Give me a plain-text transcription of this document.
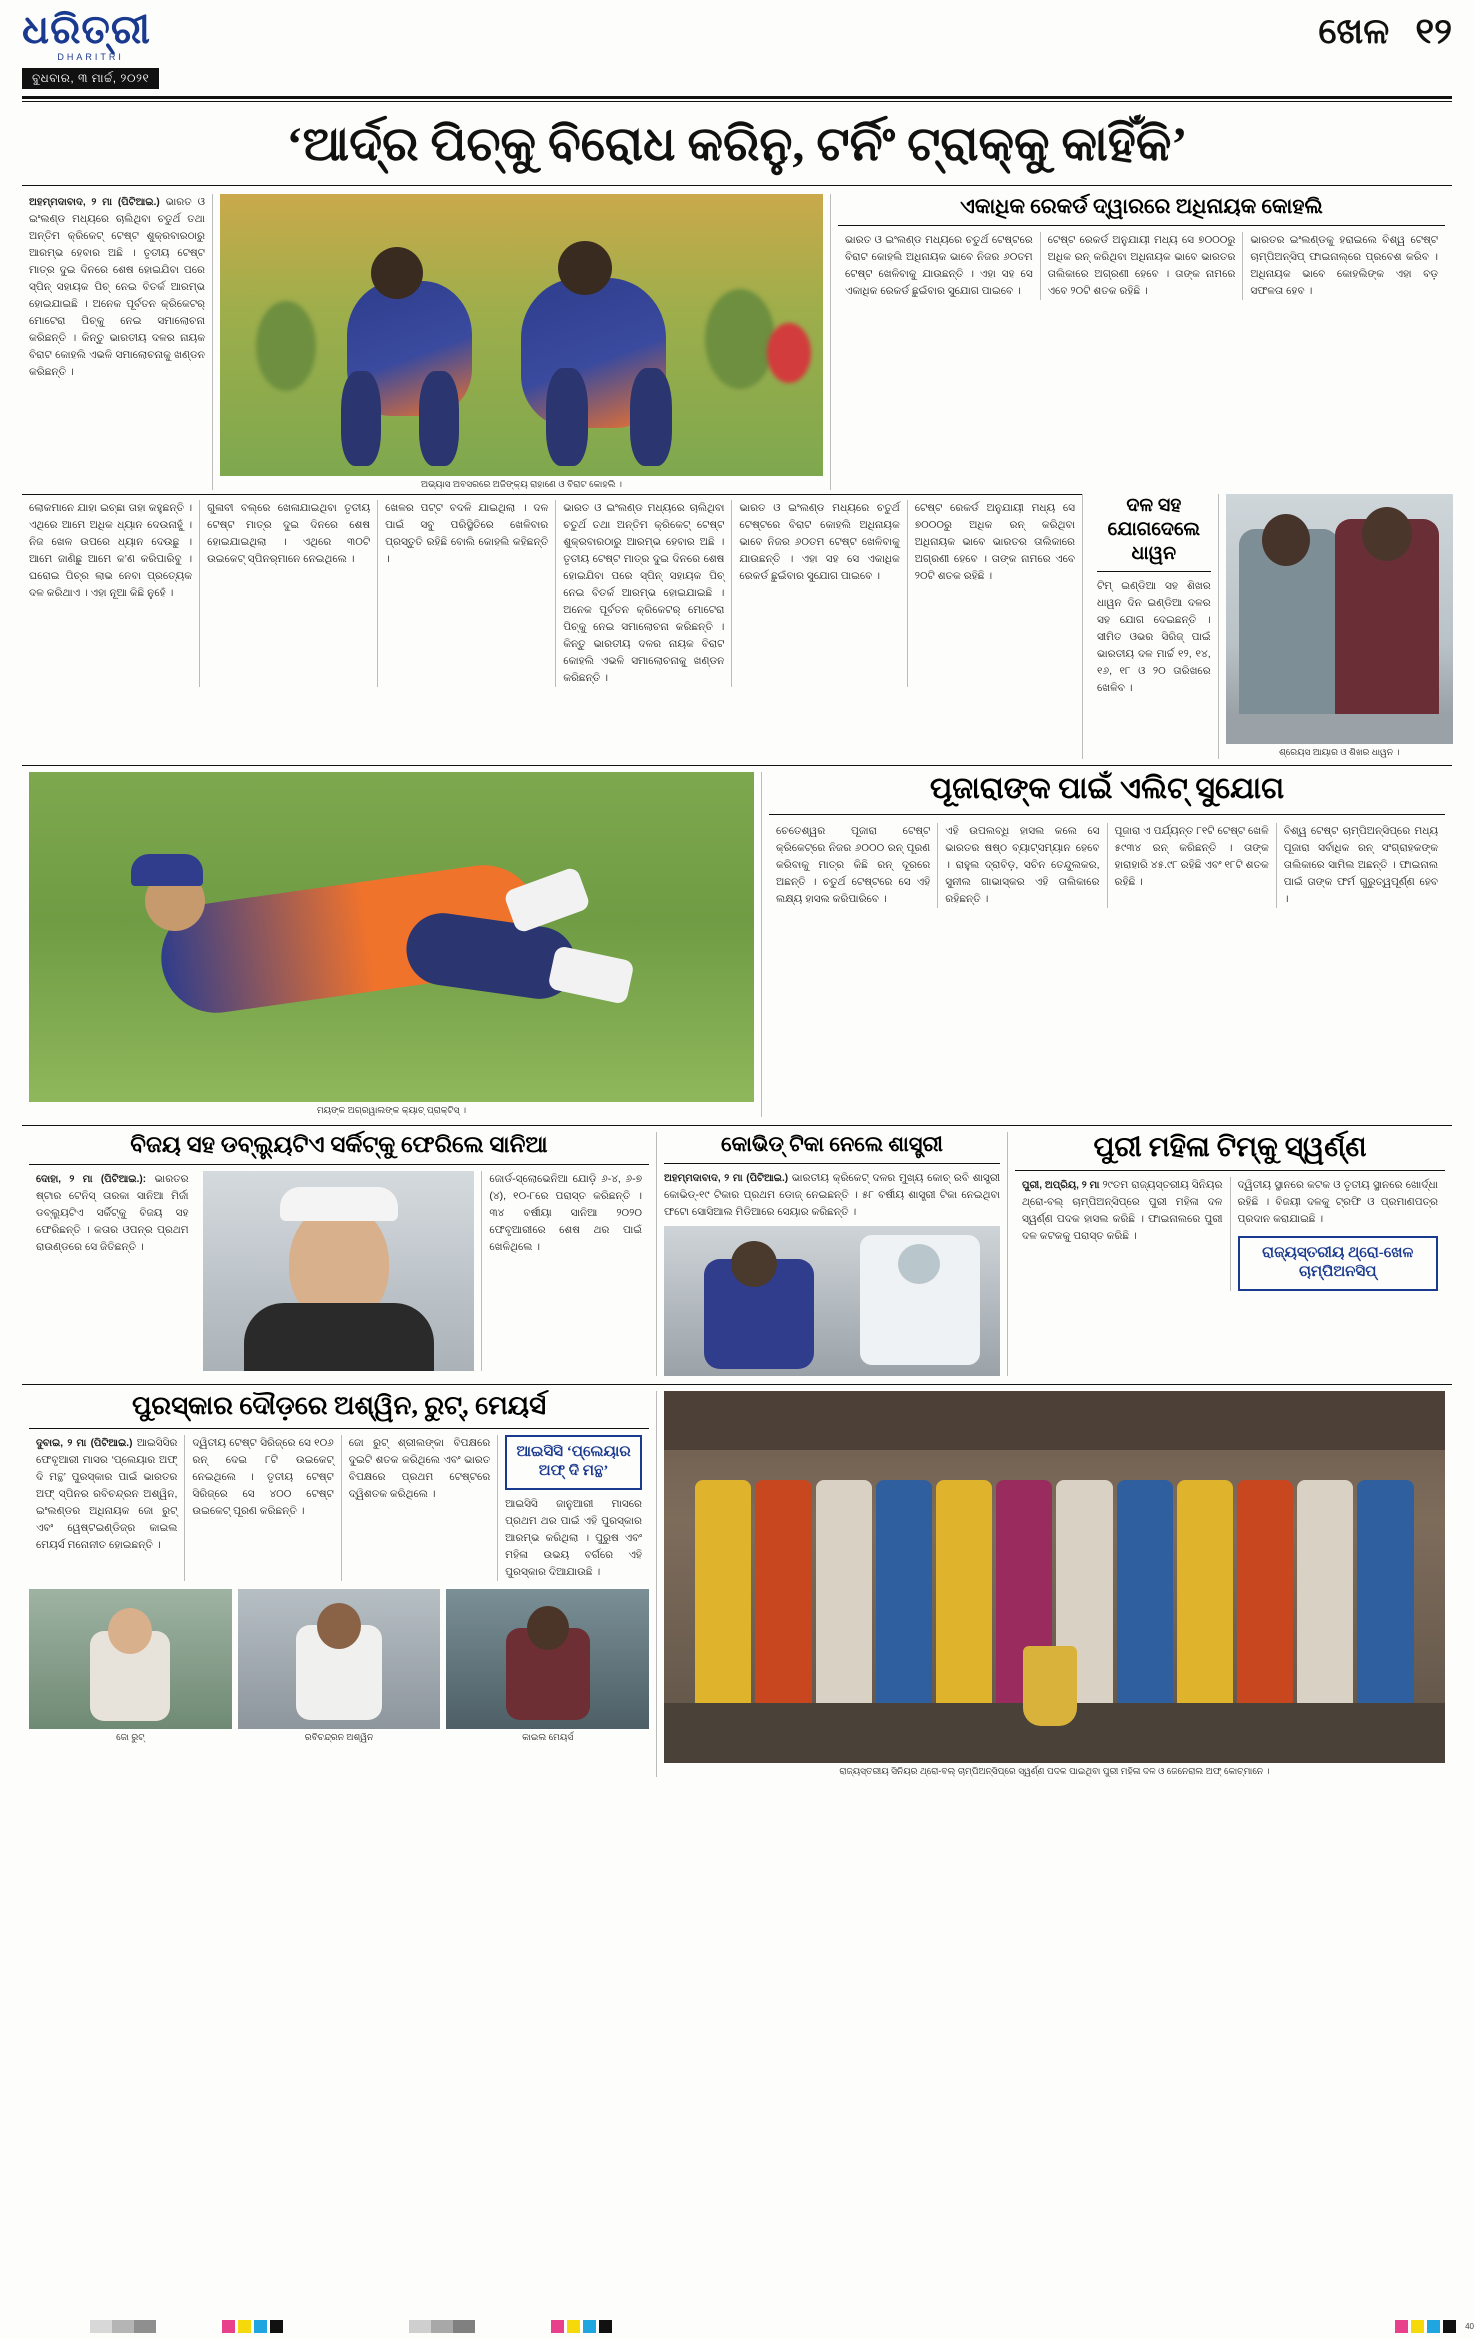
ଧରିତ୍ରୀ
DHARITRI
ବୁଧବାର, ୩ ମାର୍ଚ୍ଚ, ୨୦୨୧
ଖେଳ ୧୨
‘ଆର୍ଦ୍ର ପିଚ୍‌କୁ ବିରୋଧ କରିନୁ, ଟର୍ନିଂ ଟ୍ରାକ୍‌କୁ କାହିଁକି’
ଅହମ୍ମଦାବାଦ, ୨ ମା (ପିଟିଆଇ.) ଭାରତ ଓ ଇଂଲଣ୍ଡ ମଧ୍ୟରେ ଚାଲିଥିବା ଚତୁର୍ଥ ତଥା ଅନ୍ତିମ କ୍ରିକେଟ୍ ଟେଷ୍ଟ ଶୁକ୍ରବାରଠାରୁ ଆରମ୍ଭ ହେବାର ଅଛି । ତୃତୀୟ ଟେଷ୍ଟ ମାତ୍ର ଦୁଇ ଦିନରେ ଶେଷ ହୋଇଯିବା ପରେ ସ୍ପିନ୍ ସହାୟକ ପିଚ୍ ନେଇ ବିତର୍କ ଆରମ୍ଭ ହୋଇଯାଇଛି । ଅନେକ ପୂର୍ବତନ କ୍ରିକେଟର୍ ମୋଟେରା ପିଚ୍‌କୁ ନେଇ ସମାଲୋଚନା କରିଛନ୍ତି । କିନ୍ତୁ ଭାରତୀୟ ଦଳର ନାୟକ ବିରାଟ କୋହଲି ଏଭଳି ସମାଲୋଚନାକୁ ଖଣ୍ଡନ କରିଛନ୍ତି ।
ଅଭ୍ୟାସ ଅବସରରେ ଅଜିଙ୍କ୍ୟ ରାହାଣେ ଓ ବିରାଟ କୋହଲି ।
ଏକାଧିକ ରେକର୍ଡ ଦ୍ୱାରରେ ଅଧିନାୟକ କୋହଲି
ଭାରତ ଓ ଇଂଲଣ୍ଡ ମଧ୍ୟରେ ଚତୁର୍ଥ ଟେଷ୍ଟରେ ବିରାଟ କୋହଲି ଅଧିନାୟକ ଭାବେ ନିଜର ୬୦ତମ ଟେଷ୍ଟ ଖେଳିବାକୁ ଯାଉଛନ୍ତି । ଏହା ସହ ସେ ଏକାଧିକ ରେକର୍ଡ ଛୁଇଁବାର ସୁଯୋଗ ପାଇବେ ।
ଟେଷ୍ଟ ରେକର୍ଡ ଅନୁଯାୟୀ ମଧ୍ୟ ସେ ୭୦୦୦ରୁ ଅଧିକ ରନ୍ କରିଥିବା ଅଧିନାୟକ ଭାବେ ଭାରତର ତାଲିକାରେ ଅଗ୍ରଣୀ ହେବେ । ତାଙ୍କ ନାମରେ ଏବେ ୨୦ଟି ଶତକ ରହିଛି ।
ଭାରତର ଇଂଲଣ୍ଡକୁ ହରାଇଲେ ବିଶ୍ୱ ଟେଷ୍ଟ ଚାମ୍ପିଅନ୍‌ସିପ୍ ଫାଇନାଲ୍‌ରେ ପ୍ରବେଶ କରିବ । ଅଧିନାୟକ ଭାବେ କୋହଲିଙ୍କ ଏହା ବଡ଼ ସଫଳତା ହେବ ।
ଲୋକମାନେ ଯାହା ଇଚ୍ଛା ତାହା କହୁଛନ୍ତି । ଏଥିରେ ଆମେ ଅଧିକ ଧ୍ୟାନ ଦେଉନାହୁଁ । ନିଜ ଖେଳ ଉପରେ ଧ୍ୟାନ ଦେଉଛୁ । ଆମେ ଜାଣିଛୁ ଆମେ କ’ଣ କରିପାରିବୁ । ଘରୋଇ ପିଚ୍‌ର ଲାଭ ନେବା ପ୍ରତ୍ୟେକ ଦଳ କରିଥାଏ । ଏହା ନୂଆ କିଛି ନୁହେଁ ।
ଗୁଳାବୀ ବଲ୍‌ରେ ଖେଳାଯାଇଥିବା ତୃତୀୟ ଟେଷ୍ଟ ମାତ୍ର ଦୁଇ ଦିନରେ ଶେଷ ହୋଇଯାଇଥିଲା । ଏଥିରେ ୩୦ଟି ଉଇକେଟ୍ ସ୍ପିନର୍‌ମାନେ ନେଇଥିଲେ ।
ଖେଳର ପଟ୍ଟ ବଦଳି ଯାଇଥିଲା । ଦଳ ପାଇଁ ସବୁ ପରିସ୍ଥିତିରେ ଖେଳିବାର ପ୍ରସ୍ତୁତି ରହିଛି ବୋଲି କୋହଲି କହିଛନ୍ତି ।
ଭାରତ ଓ ଇଂଲଣ୍ଡ ମଧ୍ୟରେ ଚାଲିଥିବା ଚତୁର୍ଥ ତଥା ଅନ୍ତିମ କ୍ରିକେଟ୍ ଟେଷ୍ଟ ଶୁକ୍ରବାରଠାରୁ ଆରମ୍ଭ ହେବାର ଅଛି । ତୃତୀୟ ଟେଷ୍ଟ ମାତ୍ର ଦୁଇ ଦିନରେ ଶେଷ ହୋଇଯିବା ପରେ ସ୍ପିନ୍ ସହାୟକ ପିଚ୍ ନେଇ ବିତର୍କ ଆରମ୍ଭ ହୋଇଯାଇଛି । ଅନେକ ପୂର୍ବତନ କ୍ରିକେଟର୍ ମୋଟେରା ପିଚ୍‌କୁ ନେଇ ସମାଲୋଚନା କରିଛନ୍ତି । କିନ୍ତୁ ଭାରତୀୟ ଦଳର ନାୟକ ବିରାଟ କୋହଲି ଏଭଳି ସମାଲୋଚନାକୁ ଖଣ୍ଡନ କରିଛନ୍ତି ।
ଭାରତ ଓ ଇଂଲଣ୍ଡ ମଧ୍ୟରେ ଚତୁର୍ଥ ଟେଷ୍ଟରେ ବିରାଟ କୋହଲି ଅଧିନାୟକ ଭାବେ ନିଜର ୬୦ତମ ଟେଷ୍ଟ ଖେଳିବାକୁ ଯାଉଛନ୍ତି । ଏହା ସହ ସେ ଏକାଧିକ ରେକର୍ଡ ଛୁଇଁବାର ସୁଯୋଗ ପାଇବେ ।
ଟେଷ୍ଟ ରେକର୍ଡ ଅନୁଯାୟୀ ମଧ୍ୟ ସେ ୭୦୦୦ରୁ ଅଧିକ ରନ୍ କରିଥିବା ଅଧିନାୟକ ଭାବେ ଭାରତର ତାଲିକାରେ ଅଗ୍ରଣୀ ହେବେ । ତାଙ୍କ ନାମରେ ଏବେ ୨୦ଟି ଶତକ ରହିଛି ।
ଦଳ ସହ ଯୋଗଦେଲେ ଧାୱନ
ଟିମ୍ ଇଣ୍ଡିଆ ସହ ଶିଖର ଧାୱନ ଦିନ ଇଣ୍ଡିଆ ଦଳର ସହ ଯୋଗ ଦେଇଛନ୍ତି । ସୀମିତ ଓଭର ସିରିଜ୍ ପାଇଁ ଭାରତୀୟ ଦଳ ମାର୍ଚ୍ଚ ୧୨, ୧୪, ୧୬, ୧୮ ଓ ୨୦ ତାରିଖରେ ଖେଳିବ ।
ଶ୍ରେୟସ ଆୟାର ଓ ଶିଖର ଧାୱନ ।
ମୟଙ୍କ ଅଗ୍ରୱାଲଙ୍କ କ୍ୟାଚ୍ ପ୍ରାକ୍ଟିସ୍ ।
ପୂଜାରାଙ୍କ ପାଇଁ ଏଲିଟ୍ ସୁଯୋଗ
ଚେତେଶ୍ୱର ପୂଜାରା ଟେଷ୍ଟ କ୍ରିକେଟ୍‌ରେ ନିଜର ୬୦୦୦ ରନ୍ ପୂରଣ କରିବାକୁ ମାତ୍ର କିଛି ରନ୍ ଦୂରରେ ଅଛନ୍ତି । ଚତୁର୍ଥ ଟେଷ୍ଟରେ ସେ ଏହି ଲକ୍ଷ୍ୟ ହାସଲ କରିପାରିବେ ।
ଏହି ଉପଲବ୍ଧି ହାସଲ କଲେ ସେ ଭାରତର ଷଷ୍ଠ ବ୍ୟାଟ୍‌ସମ୍ୟାନ ହେବେ । ରାହୁଲ ଦ୍ରାବିଡ଼, ସଚିନ ତେନ୍ଦୁଲକର, ସୁନୀଲ ଗାଭାସ୍କର ଏହି ତାଲିକାରେ ରହିଛନ୍ତି ।
ପୂଜାରା ଏ ପର୍ଯ୍ୟନ୍ତ ୮୧ଟି ଟେଷ୍ଟ ଖେଳି ୫୯୩୪ ରନ୍ କରିଛନ୍ତି । ତାଙ୍କ ହାରାହାରି ୪୫.୯୮ ରହିଛି ଏବଂ ୧୮ଟି ଶତକ ରହିଛି ।
ବିଶ୍ୱ ଟେଷ୍ଟ ଚାମ୍ପିଅନ୍‌ସିପ୍‌ରେ ମଧ୍ୟ ପୂଜାରା ସର୍ବାଧିକ ରନ୍ ସଂଗ୍ରାହକଙ୍କ ତାଲିକାରେ ସାମିଲ ଅଛନ୍ତି । ଫାଇନାଲ ପାଇଁ ତାଙ୍କ ଫର୍ମ ଗୁରୁତ୍ୱପୂର୍ଣ୍ଣ ହେବ ।
ବିଜୟ ସହ ଡବ୍ଲ୍ୟୁଟିଏ ସର୍କିଟ୍‌କୁ ଫେରିଲେ ସାନିଆ
ଦୋହା, ୨ ମା (ପିଟିଆଇ.): ଭାରତର ଷ୍ଟାର ଟେନିସ୍ ତାରକା ସାନିଆ ମିର୍ଜା ଡବ୍ଲ୍ୟୁଟିଏ ସର୍କିଟ୍‌କୁ ବିଜୟ ସହ ଫେରିଛନ୍ତି । କତାର ଓପନ୍‌ର ପ୍ରଥମ ରାଉଣ୍ଡରେ ସେ ଜିତିଛନ୍ତି ।
ଜୋର୍ଡ-ସ୍ଲୋଭେନିଆ ଯୋଡ଼ି ୬-୪, ୬-୭ (୪), ୧୦-୮ରେ ପରାସ୍ତ କରିଛନ୍ତି । ୩୪ ବର୍ଷୀୟା ସାନିଆ ୨୦୨୦ ଫେବୃଆରୀରେ ଶେଷ ଥର ପାଇଁ ଖେଳିଥିଲେ ।
କୋଭିଡ୍ ଟିକା ନେଲେ ଶାସ୍ତ୍ରୀ
ଅହମ୍ମଦାବାଦ, ୨ ମା (ପିଟିଆଇ.) ଭାରତୀୟ କ୍ରିକେଟ୍ ଦଳର ମୁଖ୍ୟ କୋଚ୍ ରବି ଶାସ୍ତ୍ରୀ କୋଭିଡ୍-୧୯ ଟିକାର ପ୍ରଥମ ଡୋଜ୍ ନେଇଛନ୍ତି । ୫୮ ବର୍ଷୀୟ ଶାସ୍ତ୍ରୀ ଟିକା ନେଇଥିବା ଫଟୋ ସୋସିଆଲ ମିଡିଆରେ ସେୟାର କରିଛନ୍ତି ।
ପୁରୀ ମହିଳା ଟିମ୍‌କୁ ସ୍ୱର୍ଣ୍ଣ
ପୁରୀ, ଅପ୍ରିୟ, ୨ ମା ୨୯ତମ ରାଜ୍ୟସ୍ତରୀୟ ସିନିୟର ଥ୍ରୋ-ବଲ୍ ଚାମ୍ପିଅନ୍‌ସିପ୍‌ରେ ପୁରୀ ମହିଳା ଦଳ ସ୍ୱର୍ଣ୍ଣ ପଦକ ହାସଲ କରିଛି । ଫାଇନାଲରେ ପୁରୀ ଦଳ କଟକକୁ ପରାସ୍ତ କରିଛି ।
ଦ୍ୱିତୀୟ ସ୍ଥାନରେ କଟକ ଓ ତୃତୀୟ ସ୍ଥାନରେ ଖୋର୍ଦ୍ଧା ରହିଛି । ବିଜୟୀ ଦଳକୁ ଟ୍ରଫି ଓ ପ୍ରମାଣପତ୍ର ପ୍ରଦାନ କରାଯାଇଛି ।
ରାଜ୍ୟସ୍ତରୀୟ ଥ୍ରୋ-ଖେଳ ଚାମ୍ପିଅନସିପ୍
ପୁରସ୍କାର ଦୌଡ଼ରେ ଅଶ୍ୱିନ, ରୁଟ୍, ମେୟର୍ସ
ଦୁବାଇ, ୨ ମା (ପିଟିଆଇ.) ଆଇସିସିର ଫେବୃଆରୀ ମାସର ‘ପ୍ଲେୟାର ଅଫ୍ ଦି ମନ୍ଥ’ ପୁରସ୍କାର ପାଇଁ ଭାରତର ଅଫ୍ ସ୍ପିନର ରବିଚନ୍ଦ୍ରନ ଅଶ୍ୱିନ, ଇଂଲଣ୍ଡର ଅଧିନାୟକ ଜୋ ରୁଟ୍ ଏବଂ ୱେଷ୍ଟଇଣ୍ଡିଜ୍‌ର କାଇଲ ମେୟର୍ସ ମନୋନୀତ ହୋଇଛନ୍ତି ।
ଦ୍ୱିତୀୟ ଟେଷ୍ଟ ସିରିଜ୍‌ରେ ସେ ୧୦୬ ରନ୍ ଦେଇ ୮ଟି ଉଇକେଟ୍ ନେଇଥିଲେ । ତୃତୀୟ ଟେଷ୍ଟ ସିରିଜ୍‌ରେ ସେ ୪୦୦ ଟେଷ୍ଟ ଉଇକେଟ୍ ପୂରଣ କରିଛନ୍ତି ।
ଜୋ ରୁଟ୍ ଶ୍ରୀଲଙ୍କା ବିପକ୍ଷରେ ଦୁଇଟି ଶତକ କରିଥିଲେ ଏବଂ ଭାରତ ବିପକ୍ଷରେ ପ୍ରଥମ ଟେଷ୍ଟରେ ଦ୍ୱିଶତକ କରିଥିଲେ ।
ଆଇସିସି ‘ପ୍ଲେୟାର ଅଫ୍ ଦି ମନ୍ଥ’
ଆଇସିସି ଜାନୁଆରୀ ମାସରେ ପ୍ରଥମ ଥର ପାଇଁ ଏହି ପୁରସ୍କାର ଆରମ୍ଭ କରିଥିଲା । ପୁରୁଷ ଏବଂ ମହିଳା ଉଭୟ ବର୍ଗରେ ଏହି ପୁରସ୍କାର ଦିଆଯାଉଛି ।
ଜୋ ରୁଟ୍	ରବିଚନ୍ଦ୍ରନ ଅଶ୍ୱିନ	କାଇଲ ମେୟର୍ସ
ରାଜ୍ୟସ୍ତରୀୟ ସିନିୟର ଥ୍ରୋ-ବଲ୍ ଚାମ୍ପିଅନ୍‌ସିପ୍‌ରେ ସ୍ୱର୍ଣ୍ଣ ପଦକ ପାଇଥିବା ପୁରୀ ମହିଳା ଦଳ ଓ ଜେନେରାଲ ଅଫ୍ କୋଚ୍‌ମାନେ ।
40
